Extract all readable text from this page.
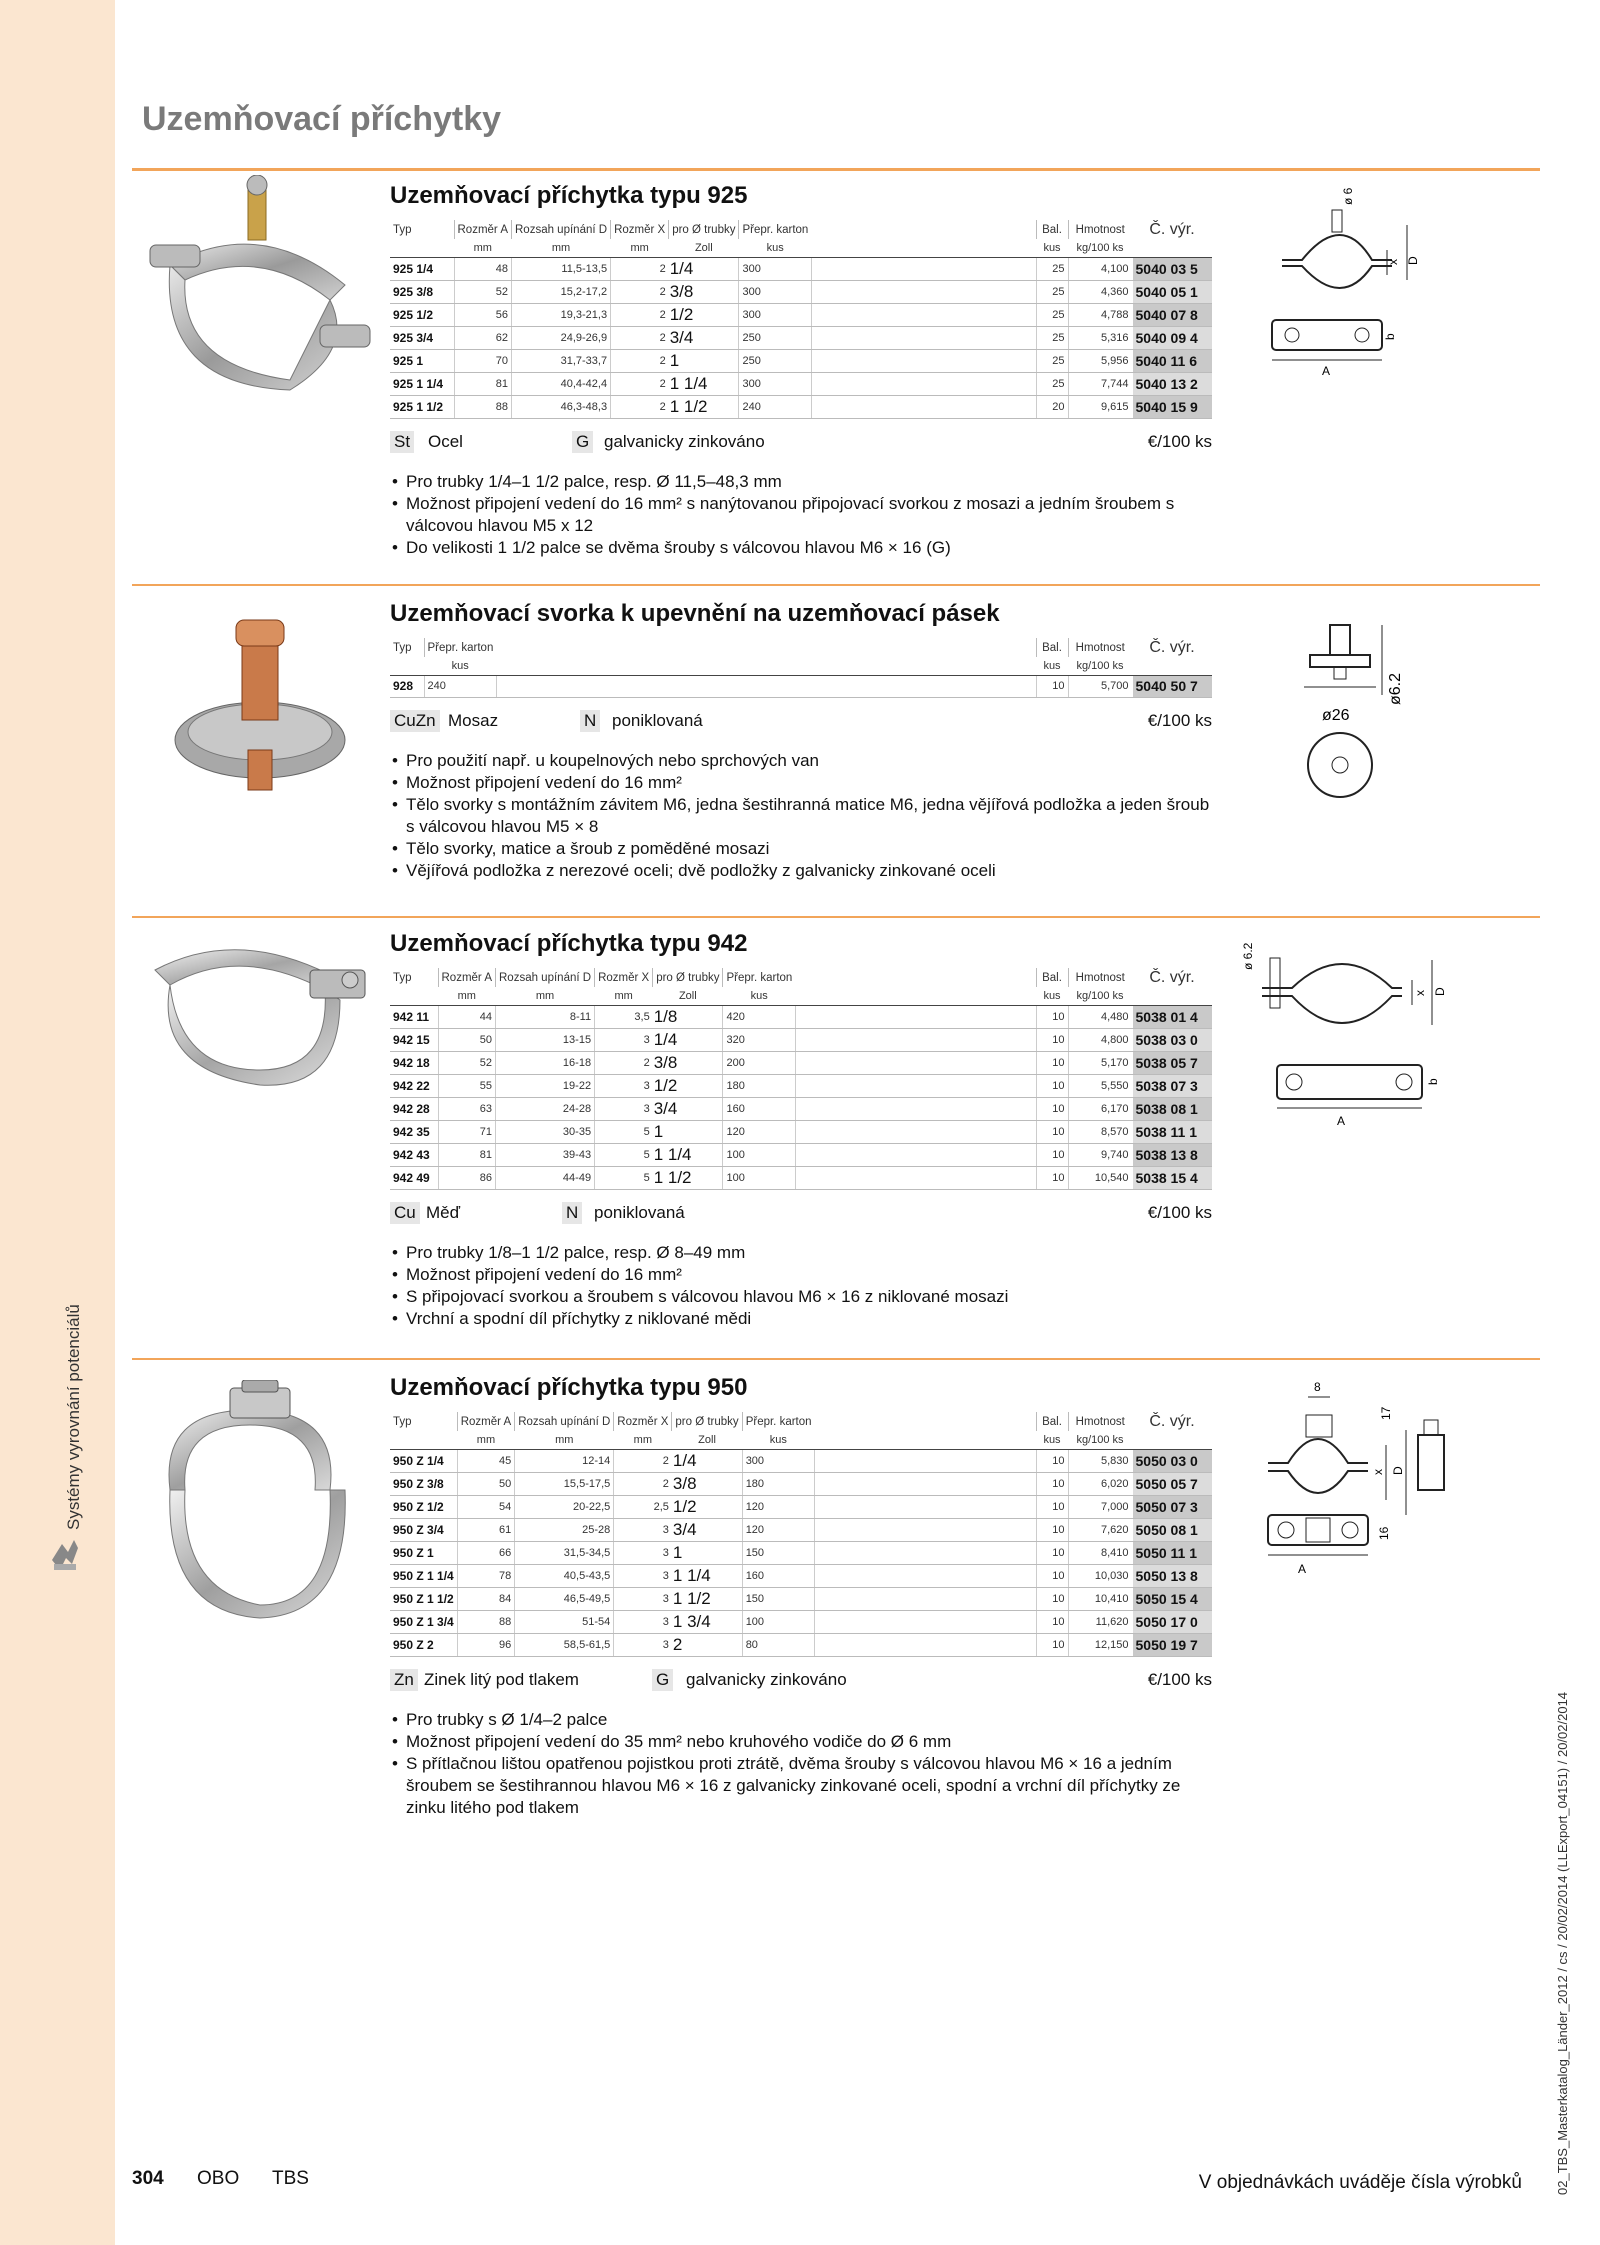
Systémy vyrovnání potenciálů
02_TBS_Masterkatalog_Länder_2012 / cs / 20/02/2014 (LLExport_04151) / 20/02/2014
Uzemňovací příchytky
Uzemňovací příchytka typu 925
Typ	Rozměr A	Rozsah upínání D	Rozměr X	pro Ø trubky	Přepr. karton		Bal.	Hmotnost	Č. výr.
	mm	mm	mm	Zoll	kus		kus	kg/100 ks	
925 1/4	48	11,5-13,5	2	1/4	300		25	4,100	5040 03 5
925 3/8	52	15,2-17,2	2	3/8	300		25	4,360	5040 05 1
925 1/2	56	19,3-21,3	2	1/2	300		25	4,788	5040 07 8
925 3/4	62	24,9-26,9	2	3/4	250		25	5,316	5040 09 4
925 1	70	31,7-33,7	2	1	250		25	5,956	5040 11 6
925 1 1/4	81	40,4-42,4	2	1 1/4	300		25	7,744	5040 13 2
925 1 1/2	88	46,3-48,3	2	1 1/2	240		20	9,615	5040 15 9
St Ocel	G galvanicky zinkováno	€/100 ks
• Pro trubky 1/4–1 1/2 palce, resp. Ø 11,5–48,3 mm
• Možnost připojení vedení do 16 mm² s nanýtovanou připojovací svorkou z mosazi a jedním šroubem s válcovou hlavou M5 x 12
• Do velikosti 1 1/2 palce se dvěma šrouby s válcovou hlavou M6 × 16 (G)
ø 6
x D
b
A
Uzemňovací svorka k upevnění na uzemňovací pásek
Typ	Přepr. karton		Bal.	Hmotnost	Č. výr.
	kus		kus	kg/100 ks	
928	240		10	5,700	5040 50 7
CuZn Mosaz	N poniklovaná	€/100 ks
• Pro použití např. u koupelnových nebo sprchových van
• Možnost připojení vedení do 16 mm²
• Tělo svorky s montážním závitem M6, jedna šestihranná matice M6, jedna vějířová podložka a jeden šroub s válcovou hlavou M5 × 8
• Tělo svorky, matice a šroub z poměděné mosazi
• Vějířová podložka z nerezové oceli; dvě podložky z galvanicky zinkované oceli
ø26
ø6.2
Uzemňovací příchytka typu 942
Typ	Rozměr A	Rozsah upínání D	Rozměr X	pro Ø trubky	Přepr. karton		Bal.	Hmotnost	Č. výr.
	mm	mm	mm	Zoll	kus		kus	kg/100 ks	
942 11	44	8-11	3,5	1/8	420		10	4,480	5038 01 4
942 15	50	13-15	3	1/4	320		10	4,800	5038 03 0
942 18	52	16-18	2	3/8	200		10	5,170	5038 05 7
942 22	55	19-22	3	1/2	180		10	5,550	5038 07 3
942 28	63	24-28	3	3/4	160		10	6,170	5038 08 1
942 35	71	30-35	5	1	120		10	8,570	5038 11 1
942 43	81	39-43	5	1 1/4	100		10	9,740	5038 13 8
942 49	86	44-49	5	1 1/2	100		10	10,540	5038 15 4
Cu Měď	N poniklovaná	€/100 ks
• Pro trubky 1/8–1 1/2 palce, resp. Ø 8–49 mm
• Možnost připojení vedení do 16 mm²
• S připojovací svorkou a šroubem s válcovou hlavou M6 × 16 z niklované mosazi
• Vrchní a spodní díl příchytky z niklované mědi
ø 6.2
x D
b
A
Uzemňovací příchytka typu 950
Typ	Rozměr A	Rozsah upínání D	Rozměr X	pro Ø trubky	Přepr. karton		Bal.	Hmotnost	Č. výr.
	mm	mm	mm	Zoll	kus		kus	kg/100 ks	
950 Z 1/4	45	12-14	2	1/4	300		10	5,830	5050 03 0
950 Z 3/8	50	15,5-17,5	2	3/8	180		10	6,020	5050 05 7
950 Z 1/2	54	20-22,5	2,5	1/2	120		10	7,000	5050 07 3
950 Z 3/4	61	25-28	3	3/4	120		10	7,620	5050 08 1
950 Z 1	66	31,5-34,5	3	1	150		10	8,410	5050 11 1
950 Z 1 1/4	78	40,5-43,5	3	1 1/4	160		10	10,030	5050 13 8
950 Z 1 1/2	84	46,5-49,5	3	1 1/2	150		10	10,410	5050 15 4
950 Z 1 3/4	88	51-54	3	1 3/4	100		10	11,620	5050 17 0
950 Z 2	96	58,5-61,5	3	2	80		10	12,150	5050 19 7
Zn Zinek litý pod tlakem	G galvanicky zinkováno	€/100 ks
• Pro trubky s Ø 1/4–2 palce
• Možnost připojení vedení do 35 mm² nebo kruhového vodiče do Ø 6 mm
• S přítlačnou lištou opatřenou pojistkou proti ztrátě, dvěma šrouby s válcovou hlavou M6 × 16 a jedním šroubem se šestihrannou hlavou M6 × 16 z galvanicky zinkované oceli, spodní a vrchní díl příchytky ze zinku litého pod tlakem
8
17
x D
16
A
304 OBO TBS	V objednávkách uváděje čísla výrobků
